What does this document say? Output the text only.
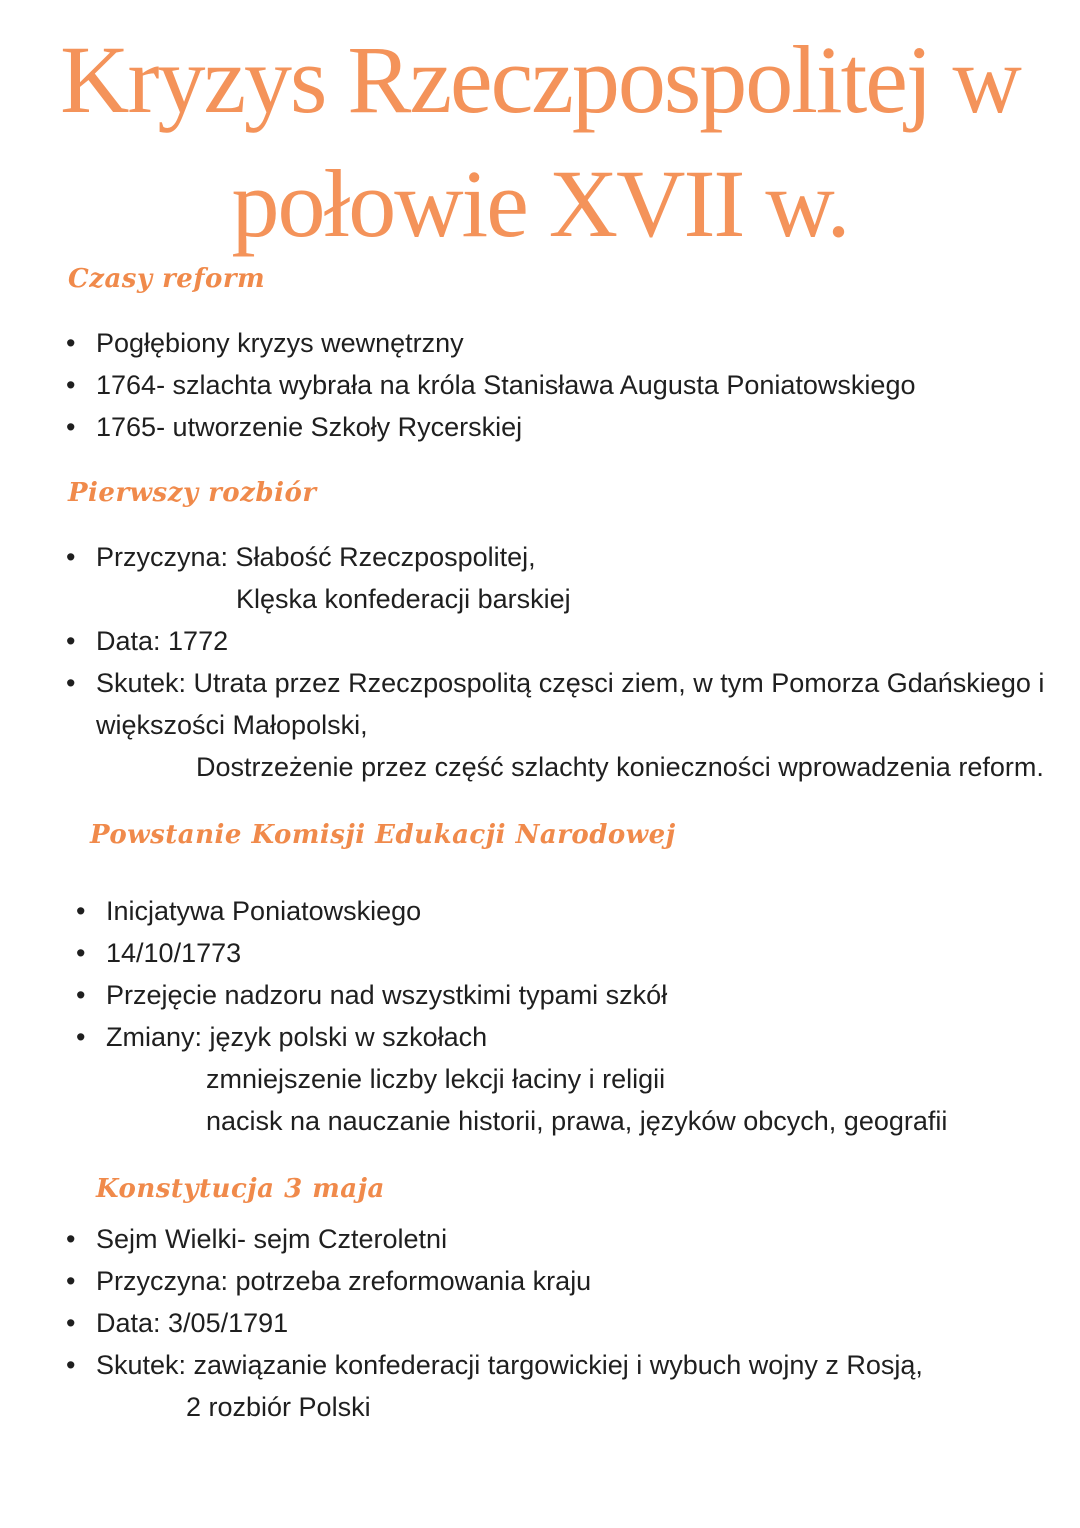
Kryzys Rzeczpospolitej w
połowie XVII w.
Czasy reform
• Pogłębiony kryzys wewnętrzny
• 1764- szlachta wybrała na króla Stanisława Augusta Poniatowskiego
• 1765- utworzenie Szkoły Rycerskiej
Pierwszy rozbiór
• Przyczyna: Słabość Rzeczpospolitej,
Klęska konfederacji barskiej
• Data: 1772
• Skutek: Utrata przez Rzeczpospolitą częsci ziem, w tym Pomorza Gdańskiego i
większości Małopolski,
Dostrzeżenie przez część szlachty konieczności wprowadzenia reform.
Powstanie Komisji Edukacji Narodowej
• Inicjatywa Poniatowskiego
• 14/10/1773
• Przejęcie nadzoru nad wszystkimi typami szkół
• Zmiany: język polski w szkołach
zmniejszenie liczby lekcji łaciny i religii
nacisk na nauczanie historii, prawa, języków obcych, geografii
Konstytucja 3 maja
• Sejm Wielki- sejm Czteroletni
• Przyczyna: potrzeba zreformowania kraju
• Data: 3/05/1791
• Skutek: zawiązanie konfederacji targowickiej i wybuch wojny z Rosją,
2 rozbiór Polski
